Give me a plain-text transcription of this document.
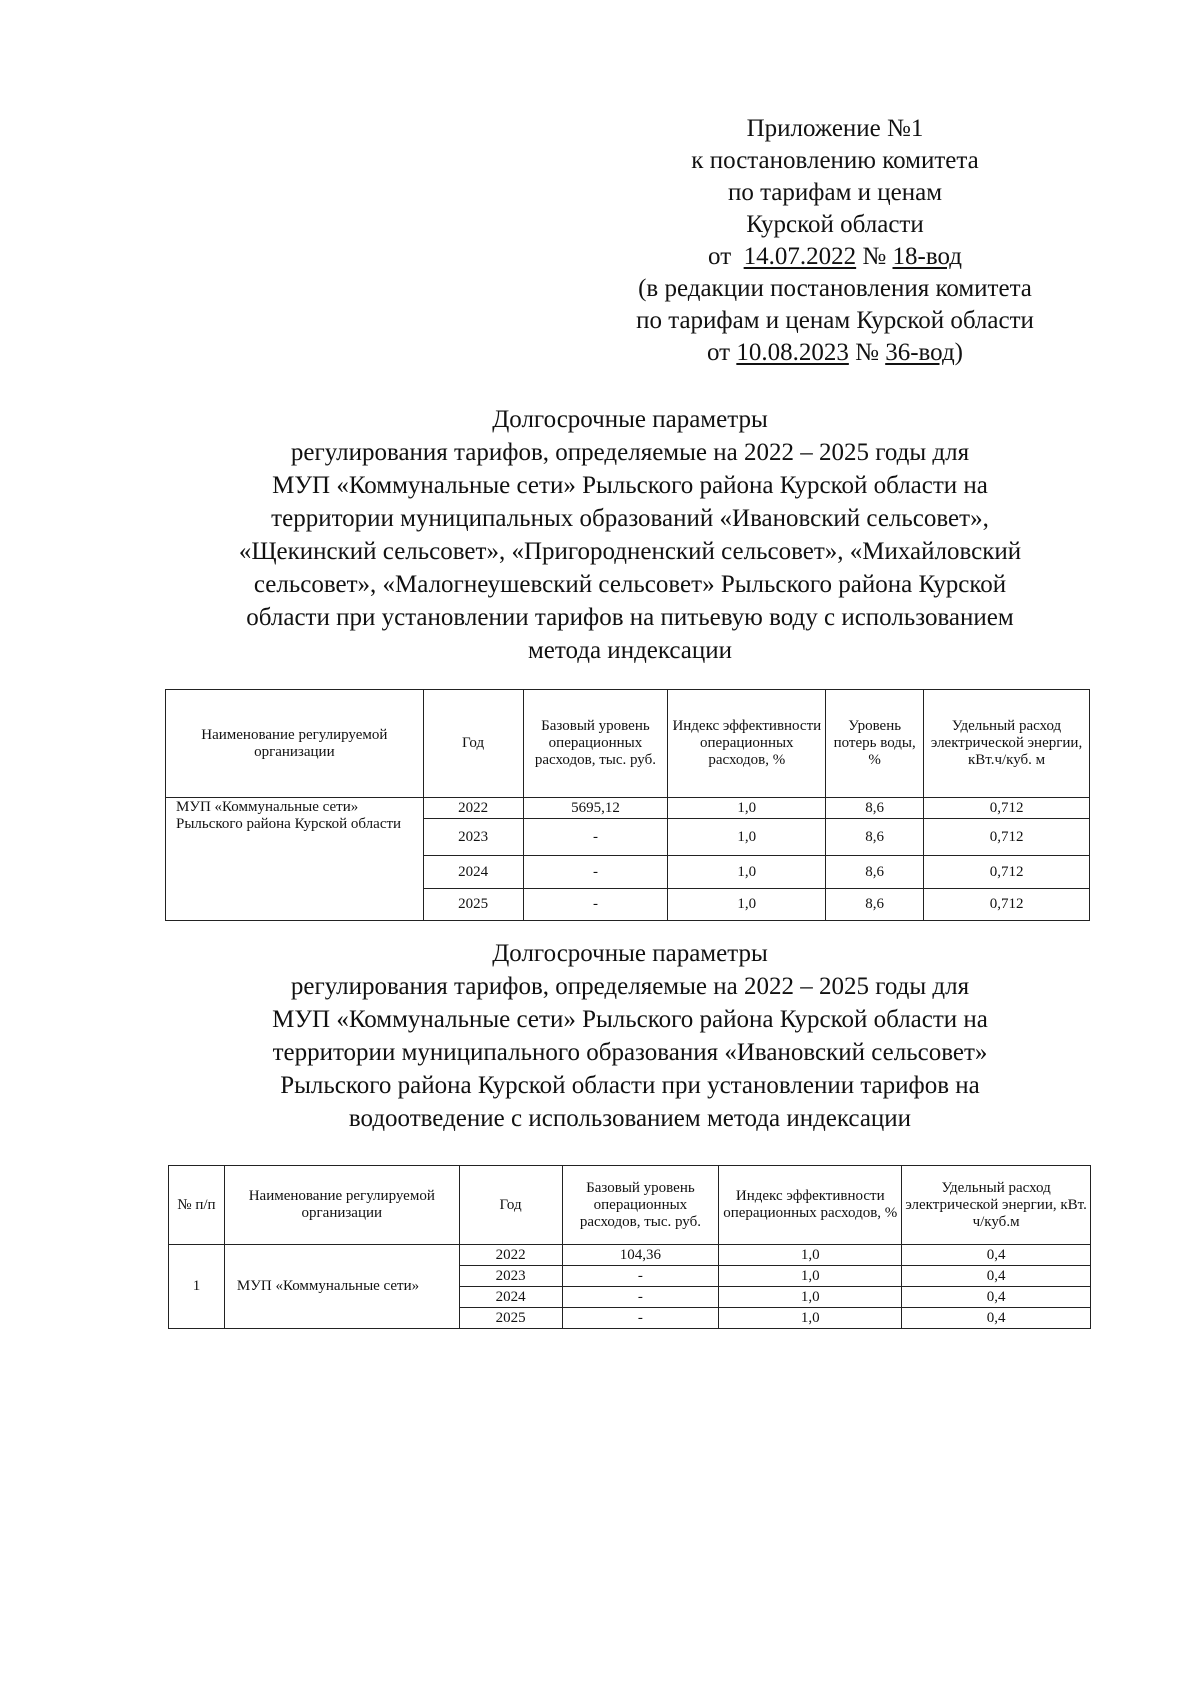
Приложение №1
к постановлению комитета
по тарифам и ценам
Курской области
от 14.07.2022 № 18-вод
(в редакции постановления комитета
по тарифам и ценам Курской области
от 10.08.2023 № 36-вод)
Долгосрочные параметры
регулирования тарифов, определяемые на 2022 – 2025 годы для
МУП «Коммунальные сети» Рыльского района Курской области на
территории муниципальных образований «Ивановский сельсовет»,
«Щекинский сельсовет», «Пригородненский сельсовет», «Михайловский
сельсовет», «Малогнеушевский сельсовет» Рыльского района Курской
области при установлении тарифов на питьевую воду с использованием
метода индексации
Наименование регулируемой организации	Год	Базовый уровень операционных расходов, тыс. руб.	Индекс эффективности операционных расходов, %	Уровень потерь воды, %	Удельный расход электрической энергии, кВт.ч/куб. м
МУП «Коммунальные сети» Рыльского района Курской области	2022	5695,12	1,0	8,6	0,712
	2023	-	1,0	8,6	0,712
	2024	-	1,0	8,6	0,712
	2025	-	1,0	8,6	0,712
Долгосрочные параметры
регулирования тарифов, определяемые на 2022 – 2025 годы для
МУП «Коммунальные сети» Рыльского района Курской области на
территории муниципального образования «Ивановский сельсовет»
Рыльского района Курской области при установлении тарифов на
водоотведение с использованием метода индексации
№ п/п	Наименование регулируемой организации	Год	Базовый уровень операционных расходов, тыс. руб.	Индекс эффективности операционных расходов, %	Удельный расход электрической энергии, кВт. ч/куб.м
1	МУП «Коммунальные сети»	2022	104,36	1,0	0,4
		2023	-	1,0	0,4
		2024	-	1,0	0,4
		2025	-	1,0	0,4
